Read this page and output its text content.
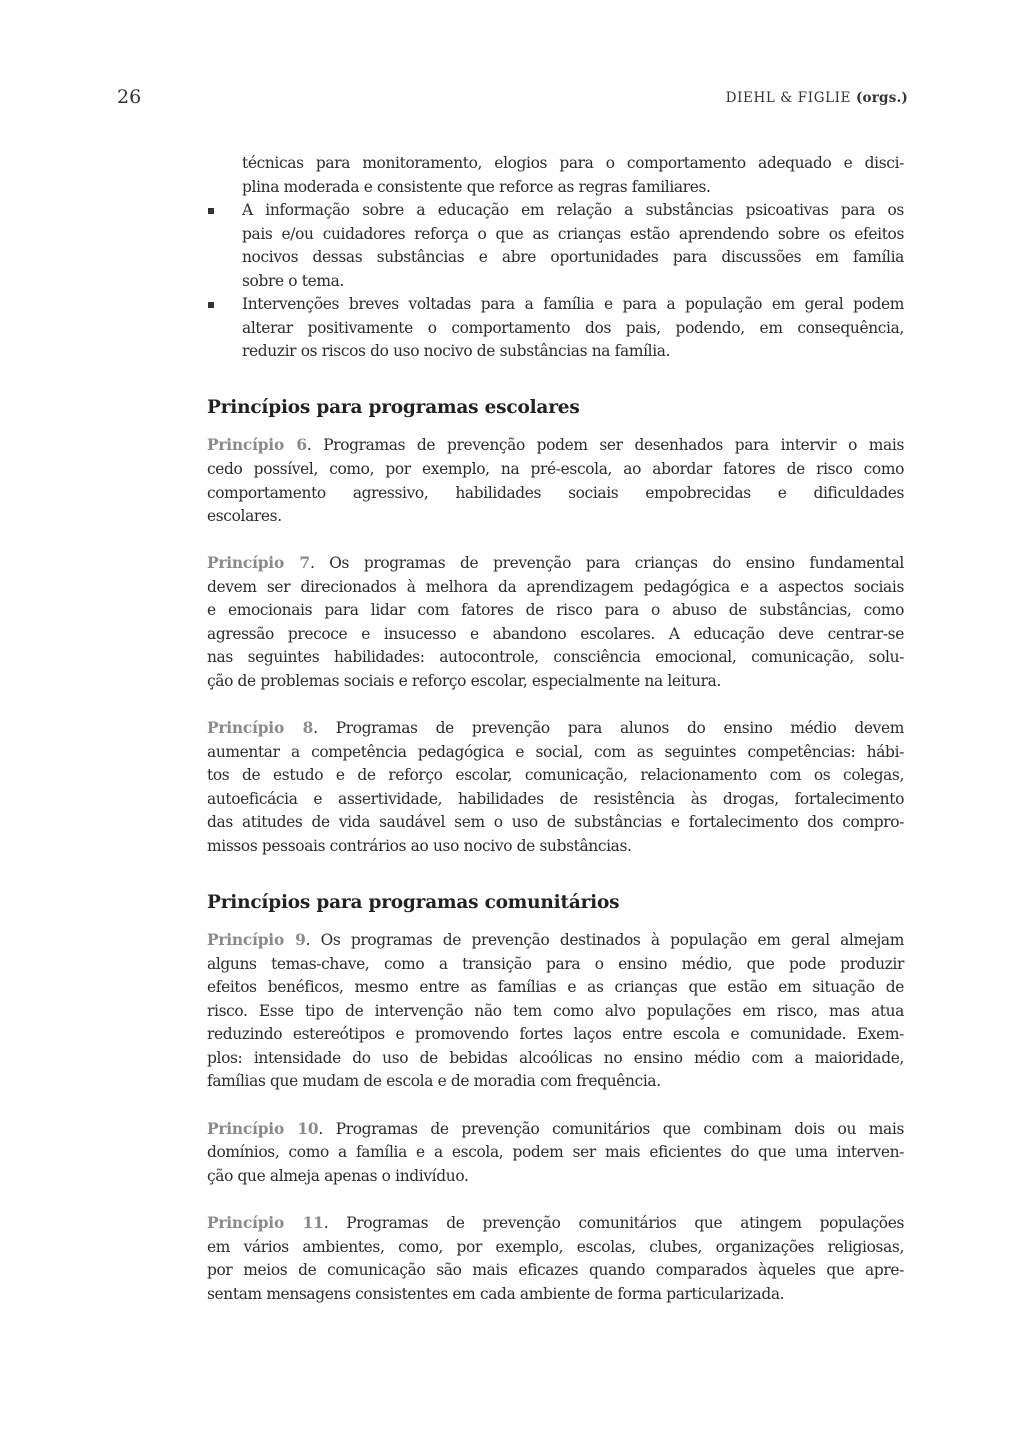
26	DIEHL & FIGLIE (orgs.)
técnicas para monitoramento, elogios para o comportamento adequado e disci-
plina moderada e consistente que reforce as regras familiares.
A informação sobre a educação em relação a substâncias psicoativas para os
pais e/ou cuidadores reforça o que as crianças estão aprendendo sobre os efeitos
nocivos dessas substâncias e abre oportunidades para discussões em família
sobre o tema.
Intervenções breves voltadas para a família e para a população em geral podem
alterar positivamente o comportamento dos pais, podendo, em consequência,
reduzir os riscos do uso nocivo de substâncias na família.
Princípios para programas escolares
Princípio 6. Programas de prevenção podem ser desenhados para intervir o mais
cedo possível, como, por exemplo, na pré-escola, ao abordar fatores de risco como
comportamento agressivo, habilidades sociais empobrecidas e dificuldades
escolares.
Princípio 7. Os programas de prevenção para crianças do ensino fundamental
devem ser direcionados à melhora da aprendizagem pedagógica e a aspectos sociais
e emocionais para lidar com fatores de risco para o abuso de substâncias, como
agressão precoce e insucesso e abandono escolares. A educação deve centrar-se
nas seguintes habilidades: autocontrole, consciência emocional, comunicação, solu-
ção de problemas sociais e reforço escolar, especialmente na leitura.
Princípio 8. Programas de prevenção para alunos do ensino médio devem
aumentar a competência pedagógica e social, com as seguintes competências: hábi-
tos de estudo e de reforço escolar, comunicação, relacionamento com os colegas,
autoeficácia e assertividade, habilidades de resistência às drogas, fortalecimento
das atitudes de vida saudável sem o uso de substâncias e fortalecimento dos compro-
missos pessoais contrários ao uso nocivo de substâncias.
Princípios para programas comunitários
Princípio 9. Os programas de prevenção destinados à população em geral almejam
alguns temas-chave, como a transição para o ensino médio, que pode produzir
efeitos benéficos, mesmo entre as famílias e as crianças que estão em situação de
risco. Esse tipo de intervenção não tem como alvo populações em risco, mas atua
reduzindo estereótipos e promovendo fortes laços entre escola e comunidade. Exem-
plos: intensidade do uso de bebidas alcoólicas no ensino médio com a maioridade,
famílias que mudam de escola e de moradia com frequência.
Princípio 10. Programas de prevenção comunitários que combinam dois ou mais
domínios, como a família e a escola, podem ser mais eficientes do que uma interven-
ção que almeja apenas o indivíduo.
Princípio 11. Programas de prevenção comunitários que atingem populações
em vários ambientes, como, por exemplo, escolas, clubes, organizações religiosas,
por meios de comunicação são mais eficazes quando comparados àqueles que apre-
sentam mensagens consistentes em cada ambiente de forma particularizada.
